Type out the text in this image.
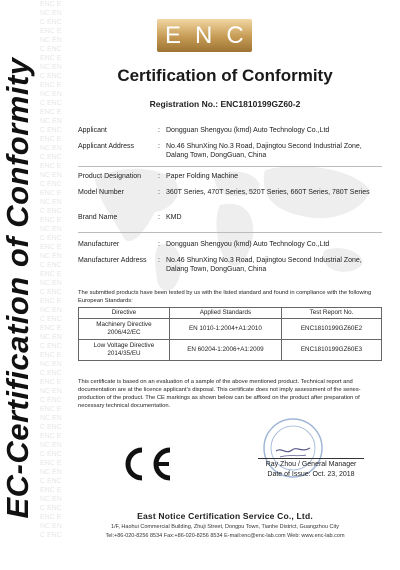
ENC ENC ENC ENC ENC ENC ENC ENC ENC ENC ENC ENC ENC ENC ENC ENC ENC ENC ENC ENC ENC ENC ENC ENC ENC ENC ENC ENC ENC ENC ENC ENC ENC ENC ENC ENC ENC ENC ENC ENC ENC ENC ENC ENC ENC ENC ENC ENC ENC ENC ENC ENC ENC ENC ENC ENC ENC ENC ENC ENC ENC ENC ENC ENC ENC ENC ENC ENC ENC ENC ENC ENC ENC ENC ENC ENC ENC ENC ENC ENC
EC-Certification of Conformity
ENC
Certification of Conformity
Registration No.: ENC1810199GZ60-2
Applicant	: Dongguan Shengyou (kmd) Auto Technology Co.,Ltd
Applicant Address	: No.46 ShunXing No.3 Road, Dajingtou Second Industrial Zone, Dalang Town, DongGuan, China
Product Designation	: Paper Folding Machine
Model Number	: 360T Series, 470T Series, 520T Series, 660T Series, 780T Series
Brand Name	: KMD
Manufacturer	: Dongguan Shengyou (kmd) Auto Technology Co.,Ltd
Manufacturer Address	: No.46 ShunXing No.3 Road, Dajingtou Second Industrial Zone, Dalang Town, DongGuan, China
The submitted products have been tested by us with the listed standard and found in compliance with the following European Standards:
Directive	Applied Standards	Test Report No.
Machinery Directive 2006/42/EC	EN 1010-1:2004+A1:2010	ENC1810199GZ60E2
Low Voltage Directive 2014/35/EU	EN 60204-1:2006+A1:2009	ENC1810199GZ60E3
This certificate is based on an evaluation of a sample of the above mentioned product. Technical report and documentation are at the licence applicant's disposal. This certificate does not imply assessment of the series-production of the product. The CE markings as shown below can be affixed on the product after preparation of necessary technical documentation.
Ray Zhou / General Manager
Date of Issue: Oct. 23, 2018
East Notice Certification Service Co., Ltd.
1/F, Haohui Commercial Building, Zhuji Street, Dongpu Town, Tianhe District, Guangzhou City
Tel:+86-020-8256 8534 Fax:+86-020-8256 8534 E-mail:enc@enc-lab.com Web: www.enc-lab.com
